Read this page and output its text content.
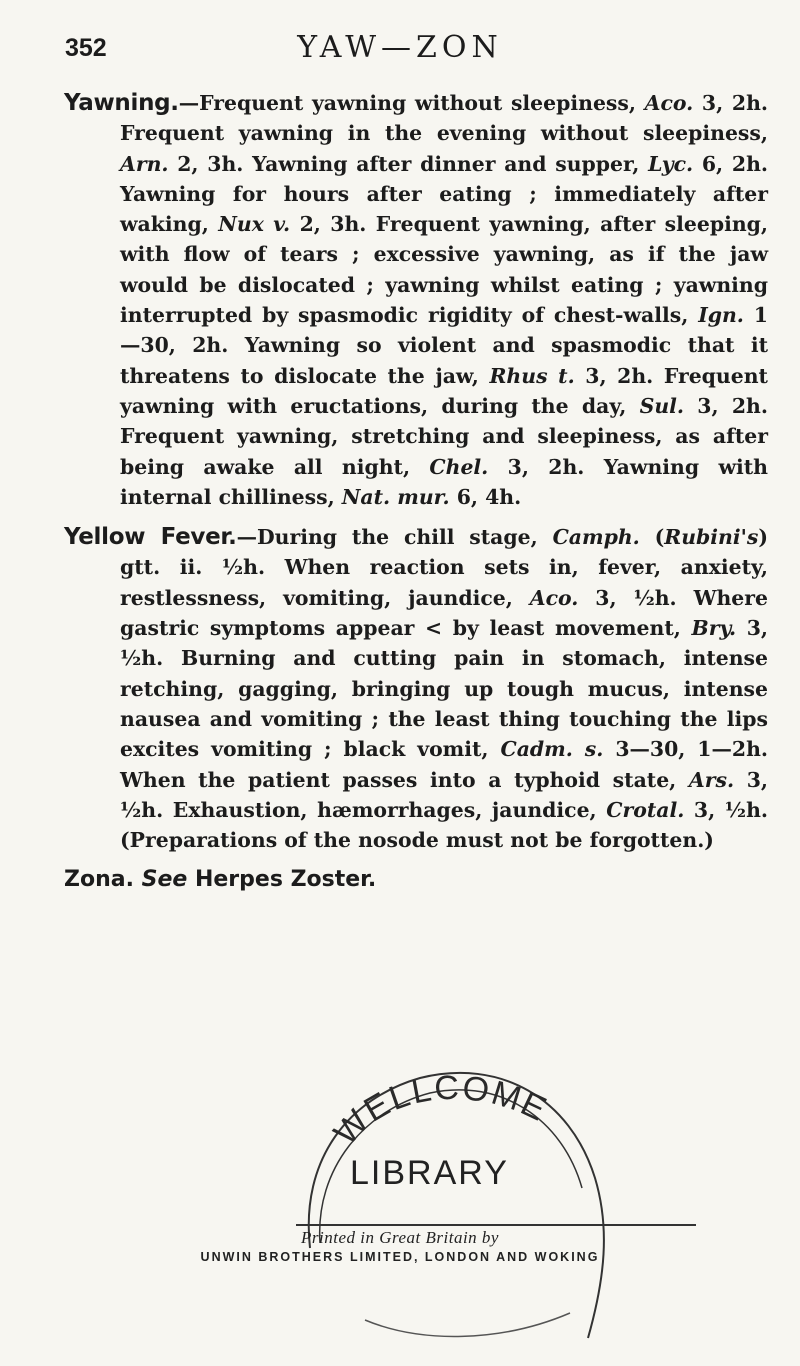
352	YAW—ZON
Yawning.—Frequent yawning without sleepiness, Aco. 3, 2h. Frequent yawning in the evening without sleepiness, Arn. 2, 3h. Yawning after dinner and supper, Lyc. 6, 2h. Yawning for hours after eating ; immediately after waking, Nux v. 2, 3h. Frequent yawning, after sleeping, with flow of tears ; excessive yawning, as if the jaw would be dislocated ; yawning whilst eating ; yawning interrupted by spasmodic rigidity of chest-walls, Ign. 1—30, 2h. Yawning so violent and spasmodic that it threatens to dislocate the jaw, Rhus t. 3, 2h. Frequent yawning with eructations, during the day, Sul. 3, 2h. Frequent yawning, stretching and sleepiness, as after being awake all night, Chel. 3, 2h. Yawning with internal chilliness, Nat. mur. 6, 4h.
Yellow Fever.—During the chill stage, Camph. (Rubini's) gtt. ii. ½h. When reaction sets in, fever, anxiety, restlessness, vomiting, jaundice, Aco. 3, ½h. Where gastric symptoms appear < by least movement, Bry. 3, ½h. Burning and cutting pain in stomach, intense retching, gagging, bringing up tough mucus, intense nausea and vomiting ; the least thing touching the lips excites vomiting ; black vomit, Cadm. s. 3—30, 1—2h. When the patient passes into a typhoid state, Ars. 3, ½h. Exhaustion, hæmorrhages, jaundice, Crotal. 3, ½h. (Preparations of the nosode must not be forgotten.)
Zona. See Herpes Zoster.
WELLCOME
LIBRARY
Printed in Great Britain by
UNWIN BROTHERS LIMITED, LONDON AND WOKING
